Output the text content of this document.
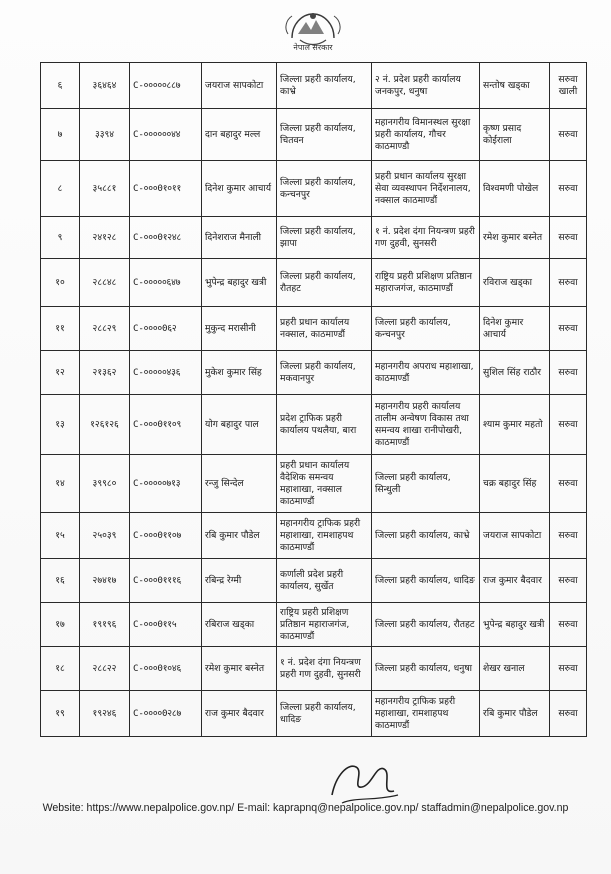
नेपाल सरकार
६	३६४६४	C-०००००८८७	जयराज सापकोटा	जिल्ला प्रहरी कार्यालय, काभ्रे	२ नं. प्रदेश प्रहरी कार्यालय जनकपुर, धनुषा	सन्तोष खड्का	सरुवा खाली
७	३३९४	C-००००००४४	दान बहादुर मल्ल	जिल्ला प्रहरी कार्यालय, चितवन	महानगरीय विमानस्थल सुरक्षा प्रहरी कार्यालय, गौचर काठमाण्डौ	कृष्ण प्रसाद कोईराला	सरुवा
८	३५८८१	C-०००0१०११	दिनेश कुमार आचार्य	जिल्ला प्रहरी कार्यालय, कन्चनपुर	प्रहरी प्रधान कार्यालय सुरक्षा सेवा व्यवस्थापन निर्देशनालय, नक्साल काठमाण्डौं	विश्वमणी पोखेल	सरुवा
९	२४१२८	C-०००0१२४८	दिनेशराज मैनाली	जिल्ला प्रहरी कार्यालय, झापा	१ नं. प्रदेश दंगा नियन्त्रण प्रहरी गण दुहवी, सुनसरी	रमेश कुमार बस्नेत	सरुवा
१०	२८८४८	C-०००००६४७	भुपेन्द्र बहादुर खत्री	जिल्ला प्रहरी कार्यालय, रौतहट	राष्ट्रिय प्रहरी प्रशिक्षण प्रतिष्ठान महाराजगंज, काठमाण्डौं	रविराज खड्का	सरुवा
११	२८८२९	C-००००0६२	मुकुन्द मरासीनी	प्रहरी प्रधान कार्यालय नक्साल, काठमाण्डौं	जिल्ला प्रहरी कार्यालय, कन्चनपुर	दिनेश कुमार आचार्य	सरुवा
१२	२१३६२	C-०००००४३६	मुकेश कुमार सिंह	जिल्ला प्रहरी कार्यालय, मकवानपुर	महानगरीय अपराध महाशाखा, काठमाण्डौं	सुशिल सिंह राठौर	सरुवा
१३	१२६१२६	C-०००0११०९	योग बहादुर पाल	प्रदेश ट्राफिक प्रहरी कार्यालय पथलैया, बारा	महानगरीय प्रहरी कार्यालय तालीम अन्वेषण विकास तथा समन्वय शाखा रानीपोखरी, काठमाण्डौं	श्याम कुमार महतो	सरुवा
१४	३९९८०	C-०००००७१३	रन्जु सिन्देल	प्रहरी प्रधान कार्यालय वैदेशिक समन्वय महाशाखा, नक्साल काठमाण्डौं	जिल्ला प्रहरी कार्यालय, सिन्धुली	चक्र बहादुर सिंह	सरुवा
१५	२५०३९	C-०००0११०७	रबि कुमार पौडेल	महानगरीय ट्राफिक प्रहरी महाशाखा, रामशाहपथ काठमाण्डौं	जिल्ला प्रहरी कार्यालय, काभ्रे	जयराज सापकोटा	सरुवा
१६	२७४१७	C-०००0१११६	रबिन्द्र रेग्मी	कर्णाली प्रदेश प्रहरी कार्यालय, सुर्खेत	जिल्ला प्रहरी कार्यालय, धादिङ	राज कुमार बैदवार	सरुवा
१७	१९१९६	C-०००0११५	रबिराज खड्का	राष्ट्रिय प्रहरी प्रशिक्षण प्रतिष्ठान महाराजगंज, काठमाण्डौं	जिल्ला प्रहरी कार्यालय, रौतहट	भुपेन्द्र बहादुर खत्री	सरुवा
१८	२८८२२	C-०००0१०४६	रमेश कुमार बस्नेत	१ नं. प्रदेश दंगा नियन्त्रण प्रहरी गण दुहवी, सुनसरी	जिल्ला प्रहरी कार्यालय, धनुषा	शेखर खनाल	सरुवा
१९	१९२४६	C-००००0२८७	राज कुमार बैदवार	जिल्ला प्रहरी कार्यालय, धादिङ	महानगरीय ट्राफिक प्रहरी महाशाखा, रामशाहपथ काठमाण्डौं	रबि कुमार पौडेल	सरुवा
Website: https://www.nepalpolice.gov.np/ E-mail: kaprapnq@nepalpolice.gov.np/ staffadmin@nepalpolice.gov.np
